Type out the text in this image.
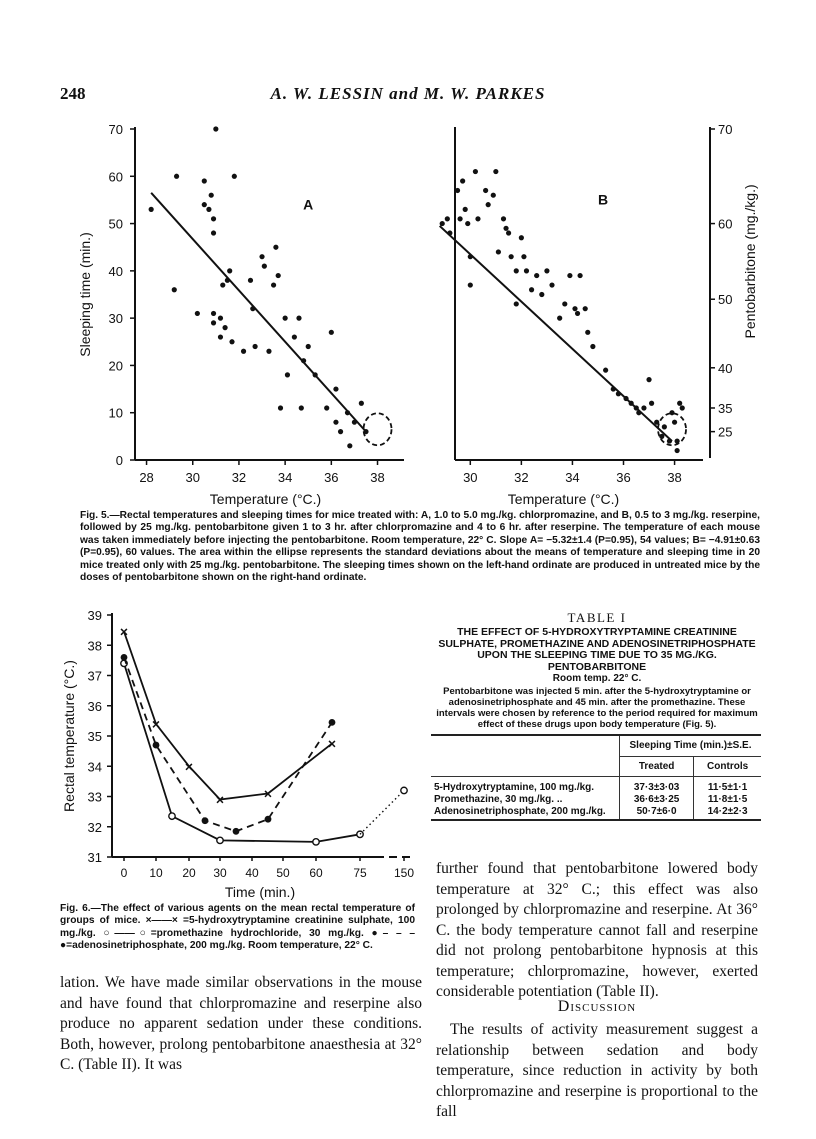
248	A. W. LESSIN and M. W. PARKES
28 30 32 34 36 38
Temperature (°C.)
0
10
20
30
40
50
60
70
Sleeping time (min.)
A
30	32	34	36	38
Temperature (°C.)
25
35
40
50
60
70
Pentobarbitone (mg./kg.)
B
Fig. 5.—Rectal temperatures and sleeping times for mice treated with: A, 1.0 to 5.0 mg./kg. chlorpromazine, and B, 0.5 to 3 mg./kg. reserpine, followed by 25 mg./kg. pentobarbitone given 1 to 3 hr. after chlorpromazine and 4 to 6 hr. after reserpine. The temperature of each mouse was taken immediately before injecting the pentobarbitone. Room temperature, 22° C. Slope A= −5.32±1.4 (P=0.95), 54 values; B= −4.91±0.63 (P=0.95), 60 values. The area within the ellipse represents the standard deviations about the means of temperature and sleeping time in 20 mice treated only with 25 mg./kg. pentobarbitone. The sleeping times shown on the left-hand ordinate are produced in untreated mice by the doses of pentobarbitone shown on the right-hand ordinate.
31
32
33
34
35
36
37
38
39
0 10 20 30 40 50 60	75 150
Time (min.)
Rectal temperature (°C.)
×
×
×
×	×
×
Fig. 6.—The effect of various agents on the mean rectal temperature of groups of mice. ×——× =5-hydroxytryptamine creatinine sulphate, 100 mg./kg. ○——○=promethazine hydrochloride, 30 mg./kg. ●– – –●=adenosinetriphosphate, 200 mg./kg. Room temperature, 22° C.
TABLE I
THE EFFECT OF 5-HYDROXYTRYPTAMINE CREATININE SULPHATE, PROMETHAZINE AND ADENOSINETRIPHOSPHATE UPON THE SLEEPING TIME DUE TO 35 MG./KG. PENTOBARBITONE
Room temp. 22° C.
Pentobarbitone was injected 5 min. after the 5-hydroxytryptamine or adenosinetriphosphate and 45 min. after the promethazine. These intervals were chosen by reference to the period required for maximum effect of these drugs upon body temperature (Fig. 5).
	Sleeping Time (min.)±S.E.	
	Treated	Controls
5-Hydroxytryptamine, 100 mg./kg.	37·3±3·03	11·5±1·1
Promethazine, 30 mg./kg. ..	36·6±3·25	11·8±1·5
Adenosinetriphosphate, 200 mg./kg.	50·7±6·0	14·2±2·3
lation. We have made similar observations in the mouse and have found that chlorpromazine and reserpine also produce no apparent sedation under these conditions. Both, however, prolong pentobarbitone anaesthesia at 32° C. (Table II). It was
further found that pentobarbitone lowered body temperature at 32° C.; this effect was also prolonged by chlorpromazine and reserpine. At 36° C. the body temperature cannot fall and reserpine did not prolong pentobarbitone hypnosis at this temperature; chlorpromazine, however, exerted considerable potentiation (Table II).
Discussion
The results of activity measurement suggest a relationship between sedation and body temperature, since reduction in activity by both chlorpromazine and reserpine is proportional to the fall
